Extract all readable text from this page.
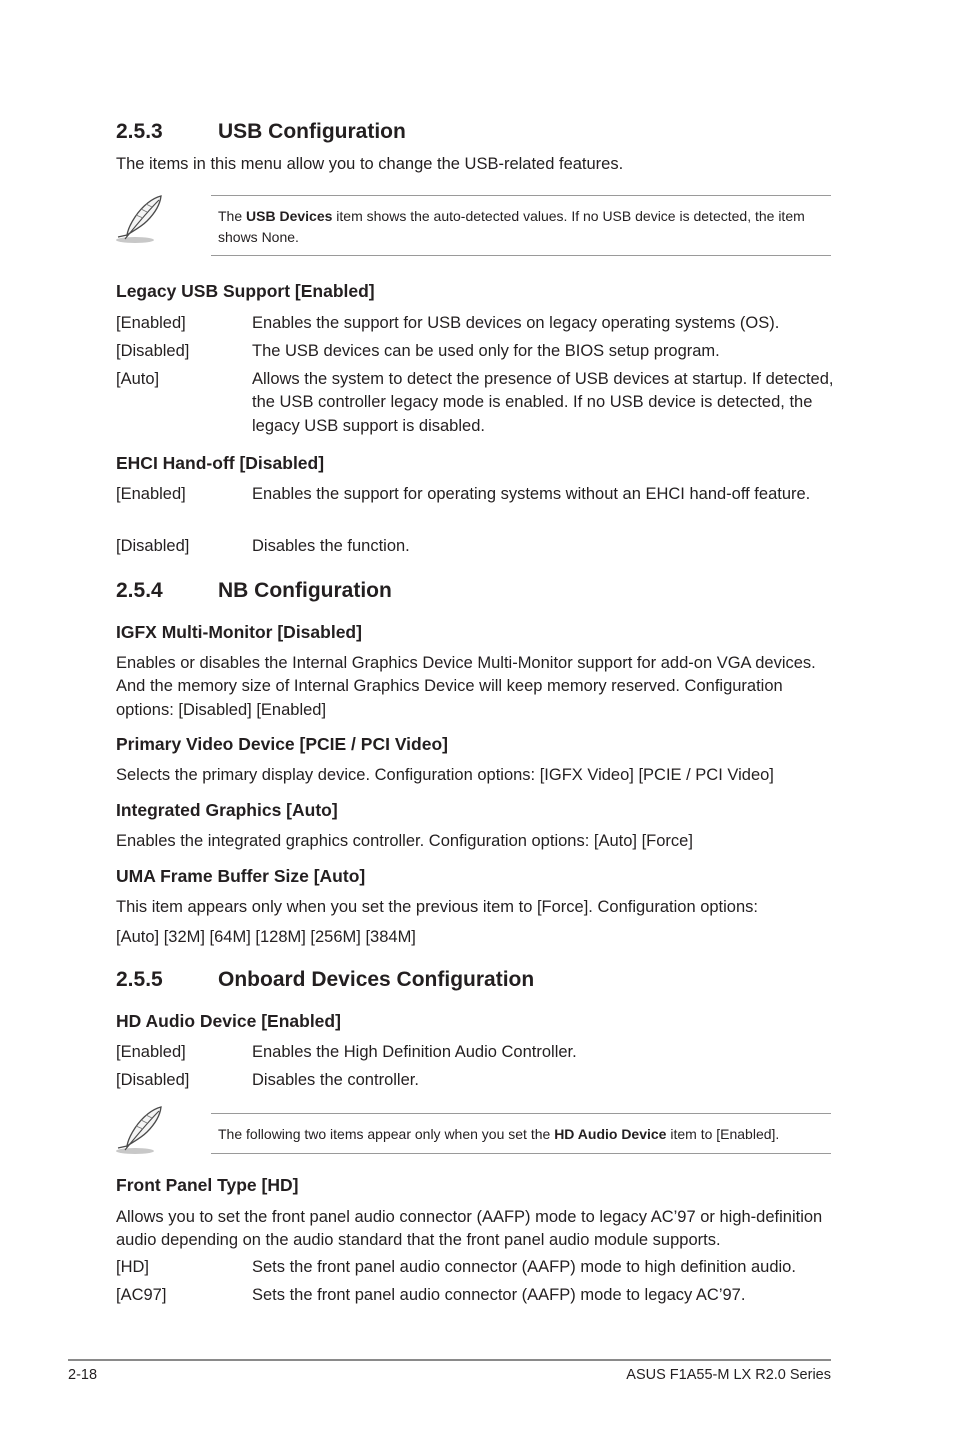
2.5.3	USB Configuration

The items in this menu allow you to change the USB-related features.

The USB Devices item shows the auto-detected values. If no USB device is detected, the item shows None.
Legacy USB Support [Enabled]
[Enabled]	Enables the support for USB devices on legacy operating systems (OS).
[Disabled]	The USB devices can be used only for the BIOS setup program.
[Auto]	Allows the system to detect the presence of USB devices at startup. If detected, the USB controller legacy mode is enabled. If no USB device is detected, the legacy USB support is disabled.
EHCI Hand-off [Disabled]
[Enabled]	Enables the support for operating systems without an EHCI hand-off feature.
[Disabled]	Disables the function.
2.5.4	NB Configuration
IGFX Multi-Monitor [Disabled]

Enables or disables the Internal Graphics Device Multi-Monitor support for add-on VGA devices. And the memory size of Internal Graphics Device will keep memory reserved. Configuration options: [Disabled] [Enabled]

Primary Video Device [PCIE / PCI Video]

Selects the primary display device. Configuration options: [IGFX Video] [PCIE / PCI Video]

Integrated Graphics [Auto]

Enables the integrated graphics controller. Configuration options: [Auto] [Force]

UMA Frame Buffer Size [Auto]

This item appears only when you set the previous item to [Force]. Configuration options:

[Auto] [32M] [64M] [128M] [256M] [384M]

2.5.5	Onboard Devices Configuration
HD Audio Device [Enabled]
[Enabled]	Enables the High Definition Audio Controller.
[Disabled]	Disables the controller.
The following two items appear only when you set the HD Audio Device item to [Enabled].
Front Panel Type [HD]

Allows you to set the front panel audio connector (AAFP) mode to legacy AC’97 or high-definition audio depending on the audio standard that the front panel audio module supports.

[HD]	Sets the front panel audio connector (AAFP) mode to high definition audio.
[AC97]	Sets the front panel audio connector (AAFP) mode to legacy AC’97.
2-18	ASUS F1A55-M LX R2.0 Series
